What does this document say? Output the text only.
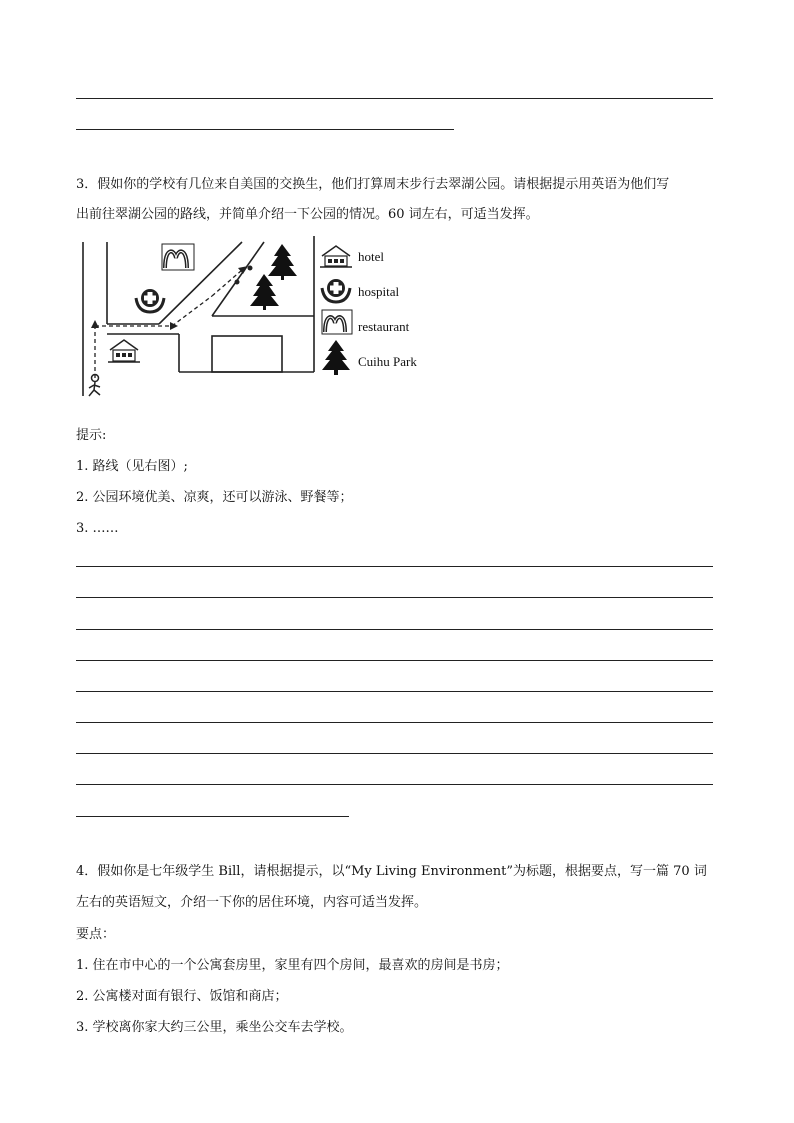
3．假如你的学校有几位来自美国的交换生，他们打算周末步行去翠湖公园。请根据提示用英语为他们写
出前往翠湖公园的路线，并简单介绍一下公园的情况。60 词左右，可适当发挥。
hotel
hospital
restaurant
Cuihu Park
提示:
1. 路线（见右图）;
2. 公园环境优美、凉爽，还可以游泳、野餐等；
3. ……
4．假如你是七年级学生 Bill，请根据提示，以“My Living Environment”为标题，根据要点，写一篇 70 词
左右的英语短文，介绍一下你的居住环境，内容可适当发挥。
要点：
1. 住在市中心的一个公寓套房里，家里有四个房间，最喜欢的房间是书房；
2. 公寓楼对面有银行、饭馆和商店；
3. 学校离你家大约三公里，乘坐公交车去学校。
